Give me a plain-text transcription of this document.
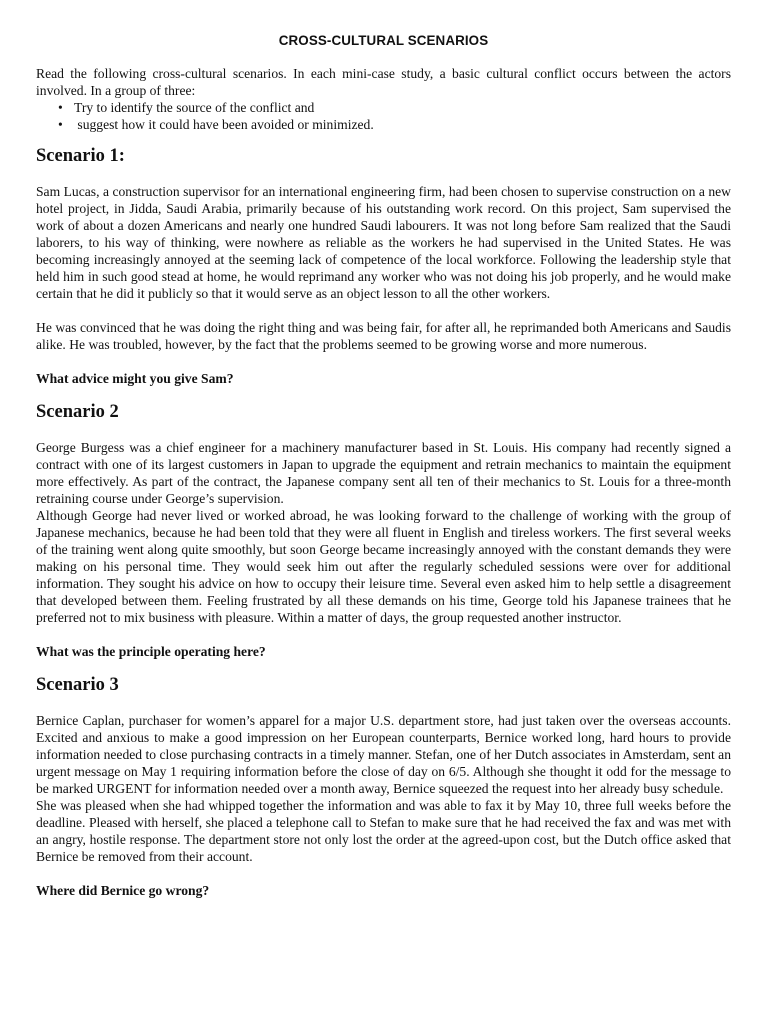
CROSS-CULTURAL SCENARIOS

Read the following cross-cultural scenarios. In each mini-case study, a basic cultural conflict occurs between the actors involved. In a group of three:

• Try to identify the source of the conflict and
•  suggest how it could have been avoided or minimized.
Scenario 1:

Sam Lucas, a construction supervisor for an international engineering firm, had been chosen to supervise construction on a new hotel project, in Jidda, Saudi Arabia, primarily because of his outstanding work record. On this project, Sam supervised the work of about a dozen Americans and nearly one hundred Saudi labourers. It was not long before Sam realized that the Saudi laborers, to his way of thinking, were nowhere as reliable as the workers he had supervised in the United States. He was becoming increasingly annoyed at the seeming lack of competence of the local workforce. Following the leadership style that held him in such good stead at home, he would reprimand any worker who was not doing his job properly, and he would make certain that he did it publicly so that it would serve as an object lesson to all the other workers.

He was convinced that he was doing the right thing and was being fair, for after all, he reprimanded both Americans and Saudis alike. He was troubled, however, by the fact that the problems seemed to be growing worse and more numerous.

What advice might you give Sam?

Scenario 2

George Burgess was a chief engineer for a machinery manufacturer based in St. Louis. His company had recently signed a contract with one of its largest customers in Japan to upgrade the equipment and retrain mechanics to maintain the equipment more effectively. As part of the contract, the Japanese company sent all ten of their mechanics to St. Louis for a three-month retraining course under George’s supervision.

Although George had never lived or worked abroad, he was looking forward to the challenge of working with the group of Japanese mechanics, because he had been told that they were all fluent in English and tireless workers. The first several weeks of the training went along quite smoothly, but soon George became increasingly annoyed with the constant demands they were making on his personal time. They would seek him out after the regularly scheduled sessions were over for additional information. They sought his advice on how to occupy their leisure time. Several even asked him to help settle a disagreement that developed between them. Feeling frustrated by all these demands on his time, George told his Japanese trainees that he preferred not to mix business with pleasure. Within a matter of days, the group requested another instructor.

What was the principle operating here?

Scenario 3

Bernice Caplan, purchaser for women’s apparel for a major U.S. department store, had just taken over the overseas accounts. Excited and anxious to make a good impression on her European counterparts, Bernice worked long, hard hours to provide information needed to close purchasing contracts in a timely manner. Stefan, one of her Dutch associates in Amsterdam, sent an urgent message on May 1 requiring information before the close of day on 6/5. Although she thought it odd for the message to be marked URGENT for information needed over a month away, Bernice squeezed the request into her already busy schedule.

She was pleased when she had whipped together the information and was able to fax it by May 10, three full weeks before the deadline. Pleased with herself, she placed a telephone call to Stefan to make sure that he had received the fax and was met with an angry, hostile response. The department store not only lost the order at the agreed-upon cost, but the Dutch office asked that Bernice be removed from their account.

Where did Bernice go wrong?
